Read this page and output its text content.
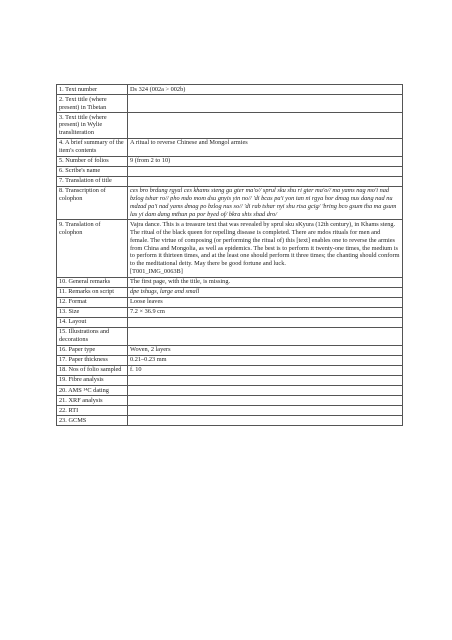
1. Text number	Ds 324 (002a > 002b)
2. Text title (where present) in Tibetan	
3. Text title (where present) in Wylie transliteration	
4. A brief summary of the item's contents	A ritual to reverse Chinese and Mongol armies
5. Number of folios	9 (from 2 to 10)
6. Scribe's name	
7. Translation of title	
8. Transcription of colophon	ces bro brdung rgyal ces khams steng gu gter ma'o// sprul sku shu ri gter ma'o// ma yams nag mo'i nad bzlog tshar ro// pho mdo mom dsu gnyis yin no// 'di bcas pa'i yon tan ni rgya hor dmag nus dang nad nu mdzad pa'i nad yams dmag po bzlog nus so// 'di rab tshar nyi shu rtsa gcig/ 'bring bco gsum tha ma gsum las yi dam dang mthun pa por byed of/ bkra shis shad dro/
9. Translation of colophon	Vajra dance. This is a treasure text that was revealed by sprul sku sKyura (12th century), in Khams steng. The ritual of the black queen for repelling disease is completed. There are mdos rituals for men and female. The virtue of composing (or performing the ritual of) this [text] enables one to reverse the armies from China and Mongolia, as well as epidemics. The best is to perform it twenty-one times, the medium is to perform it thirteen times, and at the least one should perform it three times; the chanting should conform to the meditational deity. May there be good fortune and luck.
[T001_IMG_0063B]

10. General remarks	The first page, with the title, is missing.
11. Remarks on script	dpe tshugs, large and small
12. Format	Loose leaves
13. Size	7.2 × 36.9 cm
14. Layout	
15. Illustrations and decorations	
16. Paper type	Woven, 2 layers
17. Paper thickness	0.21–0.23 mm
18. Nos of folio sampled	f. 10
19. Fibre analysis	
20. AMS ¹⁴C dating	
21. XRF analysis	
22. RTI	
23. GCMS	
